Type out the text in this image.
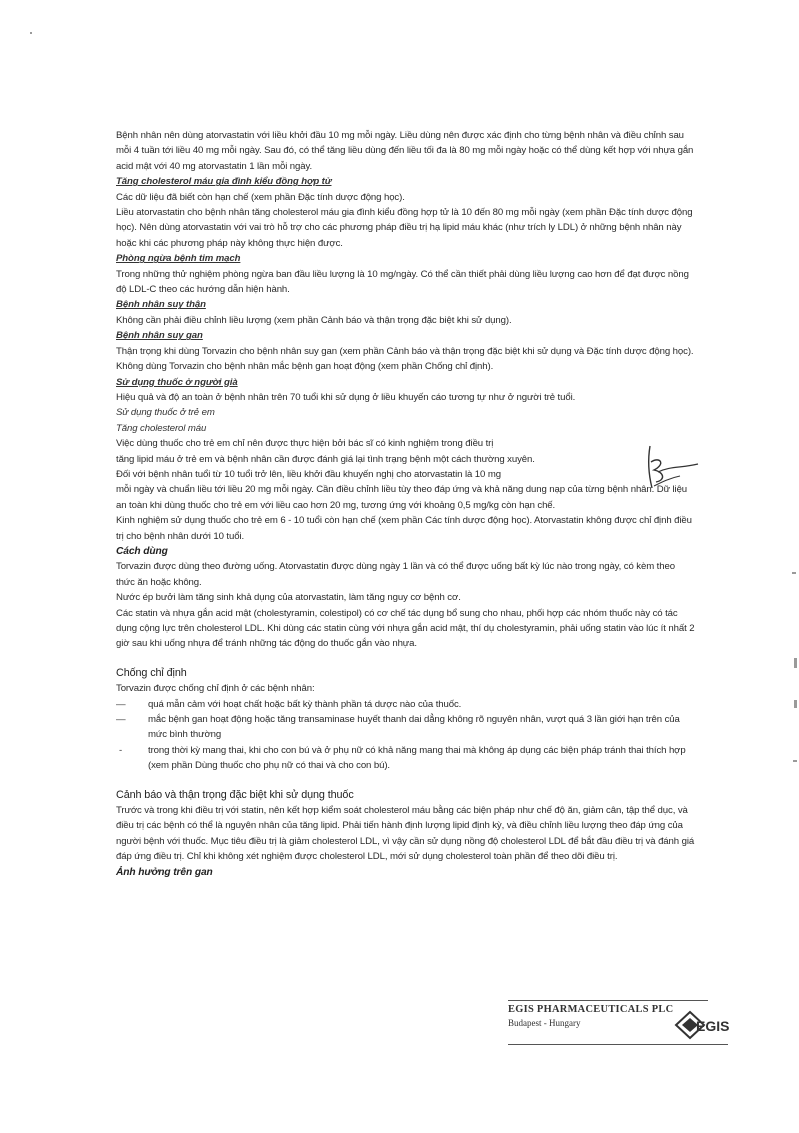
Bệnh nhân nên dùng atorvastatin với liều khởi đầu 10 mg mỗi ngày. Liều dùng nên được xác định cho từng bệnh nhân và điều chỉnh sau mỗi 4 tuần tới liều 40 mg mỗi ngày. Sau đó, có thể tăng liều dùng đến liều tối đa là 80 mg mỗi ngày hoặc có thể dùng kết hợp với nhựa gắn acid mật với 40 mg atorvastatin 1 lần mỗi ngày.

Tăng cholesterol máu gia đình kiểu đồng hợp tử

Các dữ liệu đã biết còn hạn chế (xem phần Đặc tính dược động học).

Liều atorvastatin cho bệnh nhân tăng cholesterol máu gia đình kiểu đồng hợp tử là 10 đến 80 mg mỗi ngày (xem phần Đặc tính dược động học). Nên dùng atorvastatin với vai trò hỗ trợ cho các phương pháp điều trị hạ lipid máu khác (như trích ly LDL) ở những bệnh nhân này hoặc khi các phương pháp này không thực hiện được.

Phòng ngừa bệnh tim mạch

Trong những thử nghiệm phòng ngừa ban đầu liều lượng là 10 mg/ngày. Có thể cần thiết phải dùng liều lượng cao hơn để đạt được nồng độ LDL-C theo các hướng dẫn hiện hành.

Bệnh nhân suy thận

Không cần phải điều chỉnh liều lượng (xem phần Cảnh báo và thận trọng đặc biệt khi sử dụng).

Bệnh nhân suy gan

Thận trọng khi dùng Torvazin cho bệnh nhân suy gan (xem phần Cảnh báo và thận trọng đặc biệt khi sử dụng và Đặc tính dược động học).

Không dùng Torvazin cho bệnh nhân mắc bệnh gan hoạt động (xem phần Chống chỉ định).

Sử dụng thuốc ở người già

Hiệu quả và độ an toàn ở bệnh nhân trên 70 tuổi khi sử dụng ở liều khuyến cáo tương tự như ở người trẻ tuổi.

Sử dụng thuốc ở trẻ em

Tăng cholesterol máu

Việc dùng thuốc cho trẻ em chỉ nên được thực hiện bởi bác sĩ có kinh nghiệm trong điều trị

tăng lipid máu ở trẻ em và bệnh nhân cần được đánh giá lại tình trạng bệnh một cách thường xuyên.

Đối với bệnh nhân tuổi từ 10 tuổi trở lên, liều khởi đầu khuyến nghị cho atorvastatin là 10 mg

mỗi ngày và chuẩn liều tới liều 20 mg mỗi ngày. Cần điều chỉnh liều tùy theo đáp ứng và khả năng dung nạp của từng bệnh nhân. Dữ liệu an toàn khi dùng thuốc cho trẻ em với liều cao hơn 20 mg, tương ứng với khoảng 0,5 mg/kg còn hạn chế.

Kinh nghiệm sử dụng thuốc cho trẻ em 6 - 10 tuổi còn hạn chế (xem phần Các tính dược động học). Atorvastatin không được chỉ định điều trị cho bệnh nhân dưới 10 tuổi.

Cách dùng

Torvazin được dùng theo đường uống. Atorvastatin được dùng ngày 1 lần và có thể được uống bất kỳ lúc nào trong ngày, có kèm theo thức ăn hoặc không.

Nước ép bưởi làm tăng sinh khả dụng của atorvastatin, làm tăng nguy cơ bệnh cơ.

Các statin và nhựa gắn acid mật (cholestyramin, colestipol) có cơ chế tác dụng bổ sung cho nhau, phối hợp các nhóm thuốc này có tác dụng cộng lực trên cholesterol LDL. Khi dùng các statin cùng với nhựa gắn acid mật, thí dụ cholestyramin, phải uống statin vào lúc ít nhất 2 giờ sau khi uống nhựa để tránh những tác động do thuốc gắn vào nhựa.

Chống chỉ định

Torvazin được chống chỉ định ở các bệnh nhân:

— quá mẫn cảm với hoạt chất hoặc bất kỳ thành phần tá dược nào của thuốc.
— mắc bệnh gan hoạt động hoặc tăng transaminase huyết thanh dai dẳng không rõ nguyên nhân, vượt quá 3 lần giới hạn trên của mức bình thường
- trong thời kỳ mang thai, khi cho con bú và ở phụ nữ có khả năng mang thai mà không áp dụng các biện pháp tránh thai thích hợp (xem phần Dùng thuốc cho phụ nữ có thai và cho con bú).

Cảnh báo và thận trọng đặc biệt khi sử dụng thuốc

Trước và trong khi điều trị với statin, nên kết hợp kiểm soát cholesterol máu bằng các biện pháp như chế độ ăn, giảm cân, tập thể dục, và điều trị các bệnh có thể là nguyên nhân của tăng lipid. Phải tiến hành định lượng lipid định kỳ, và điều chỉnh liều lượng theo đáp ứng của người bệnh với thuốc. Mục tiêu điều trị là giảm cholesterol LDL, vì vậy cần sử dụng nồng độ cholesterol LDL để bắt đầu điều trị và đánh giá đáp ứng điều trị. Chỉ khi không xét nghiệm được cholesterol LDL, mới sử dụng cholesterol toàn phần để theo dõi điều trị.

Ảnh hưởng trên gan

EGIS PHARMACEUTICALS PLC
Budapest - Hungary	EGIS
